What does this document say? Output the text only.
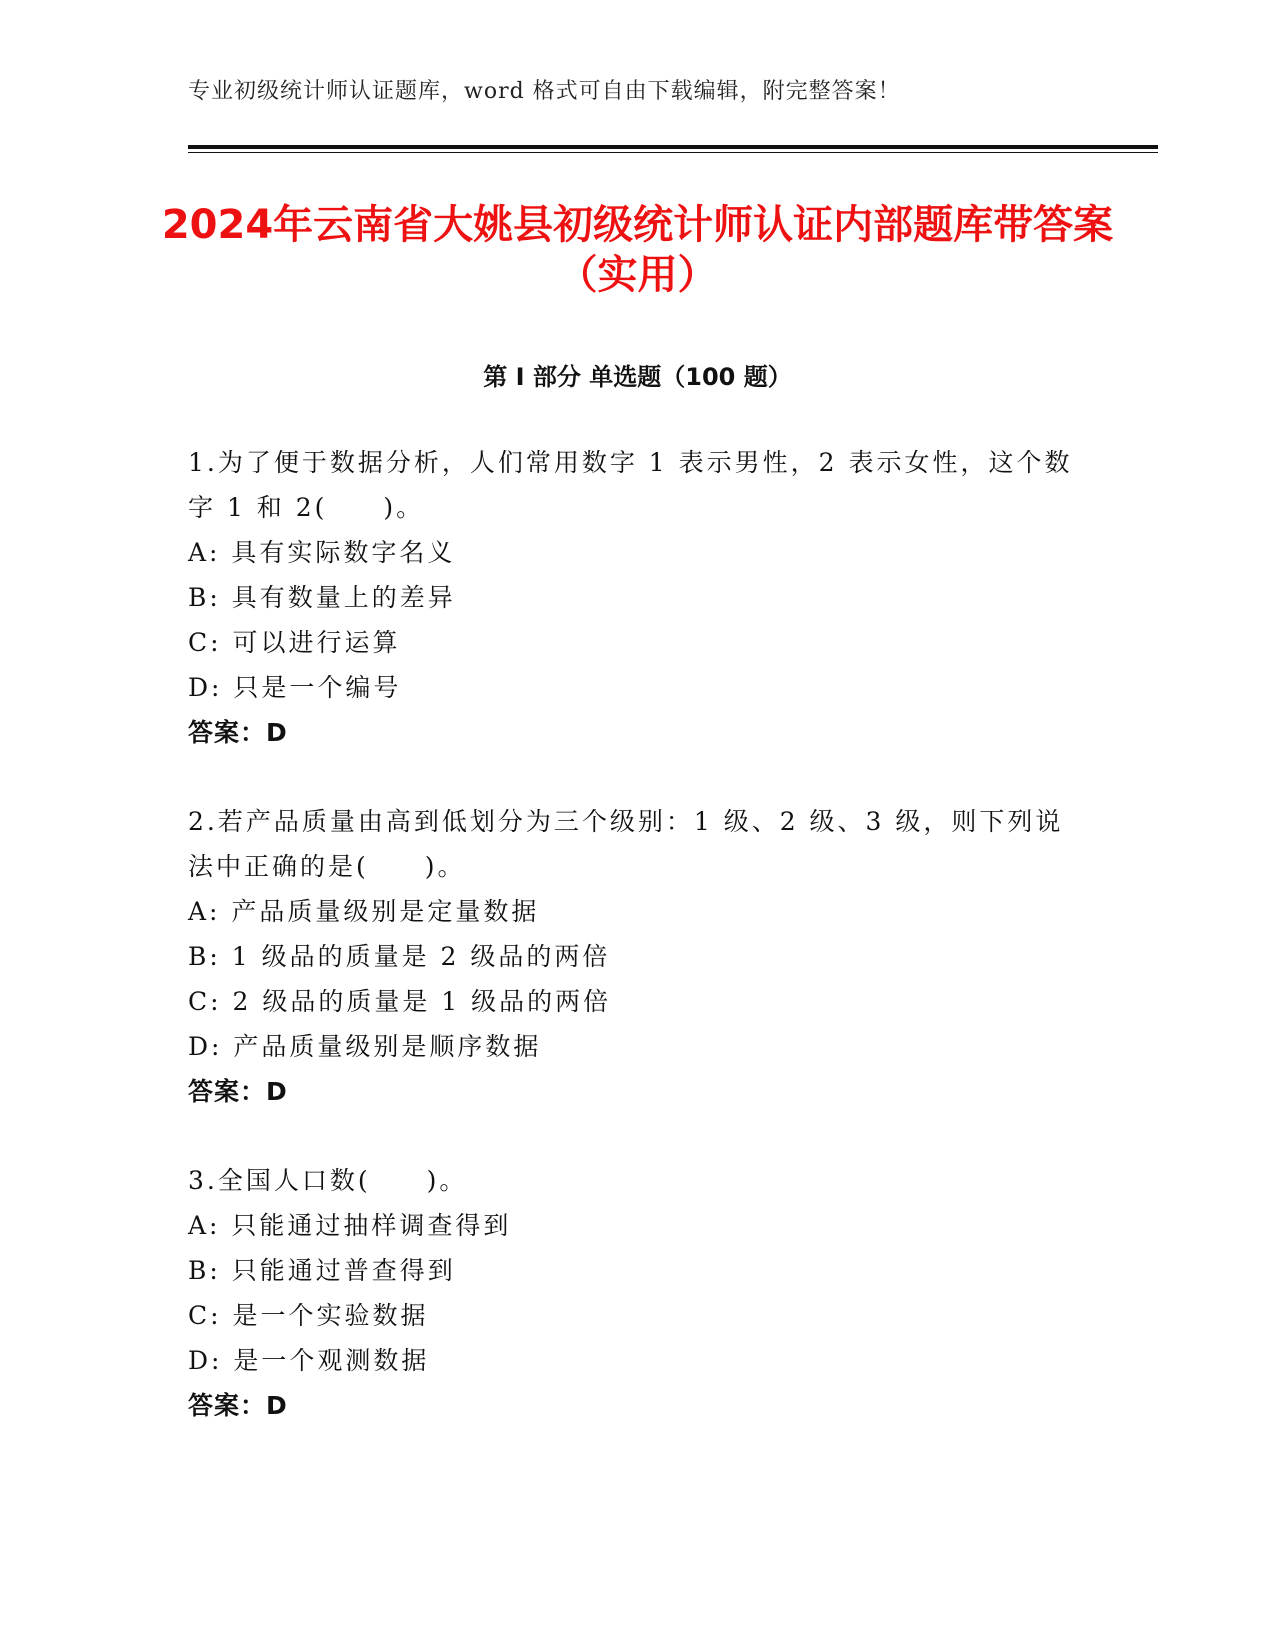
专业初级统计师认证题库，word 格式可自由下载编辑，附完整答案！
2024年云南省大姚县初级统计师认证内部题库带答案（实用）
第 I 部分 单选题（100 题）
1.为了便于数据分析，人们常用数字 1 表示男性，2 表示女性，这个数字 1 和 2(　　)。
A: 具有实际数字名义
B: 具有数量上的差异
C: 可以进行运算
D: 只是一个编号
答案：D
2.若产品质量由高到低划分为三个级别：1 级、2 级、3 级，则下列说法中正确的是(　　)。
A: 产品质量级别是定量数据
B: 1 级品的质量是 2 级品的两倍
C: 2 级品的质量是 1 级品的两倍
D: 产品质量级别是顺序数据
答案：D
3.全国人口数(　　)。
A: 只能通过抽样调查得到
B: 只能通过普查得到
C: 是一个实验数据
D: 是一个观测数据
答案：D
